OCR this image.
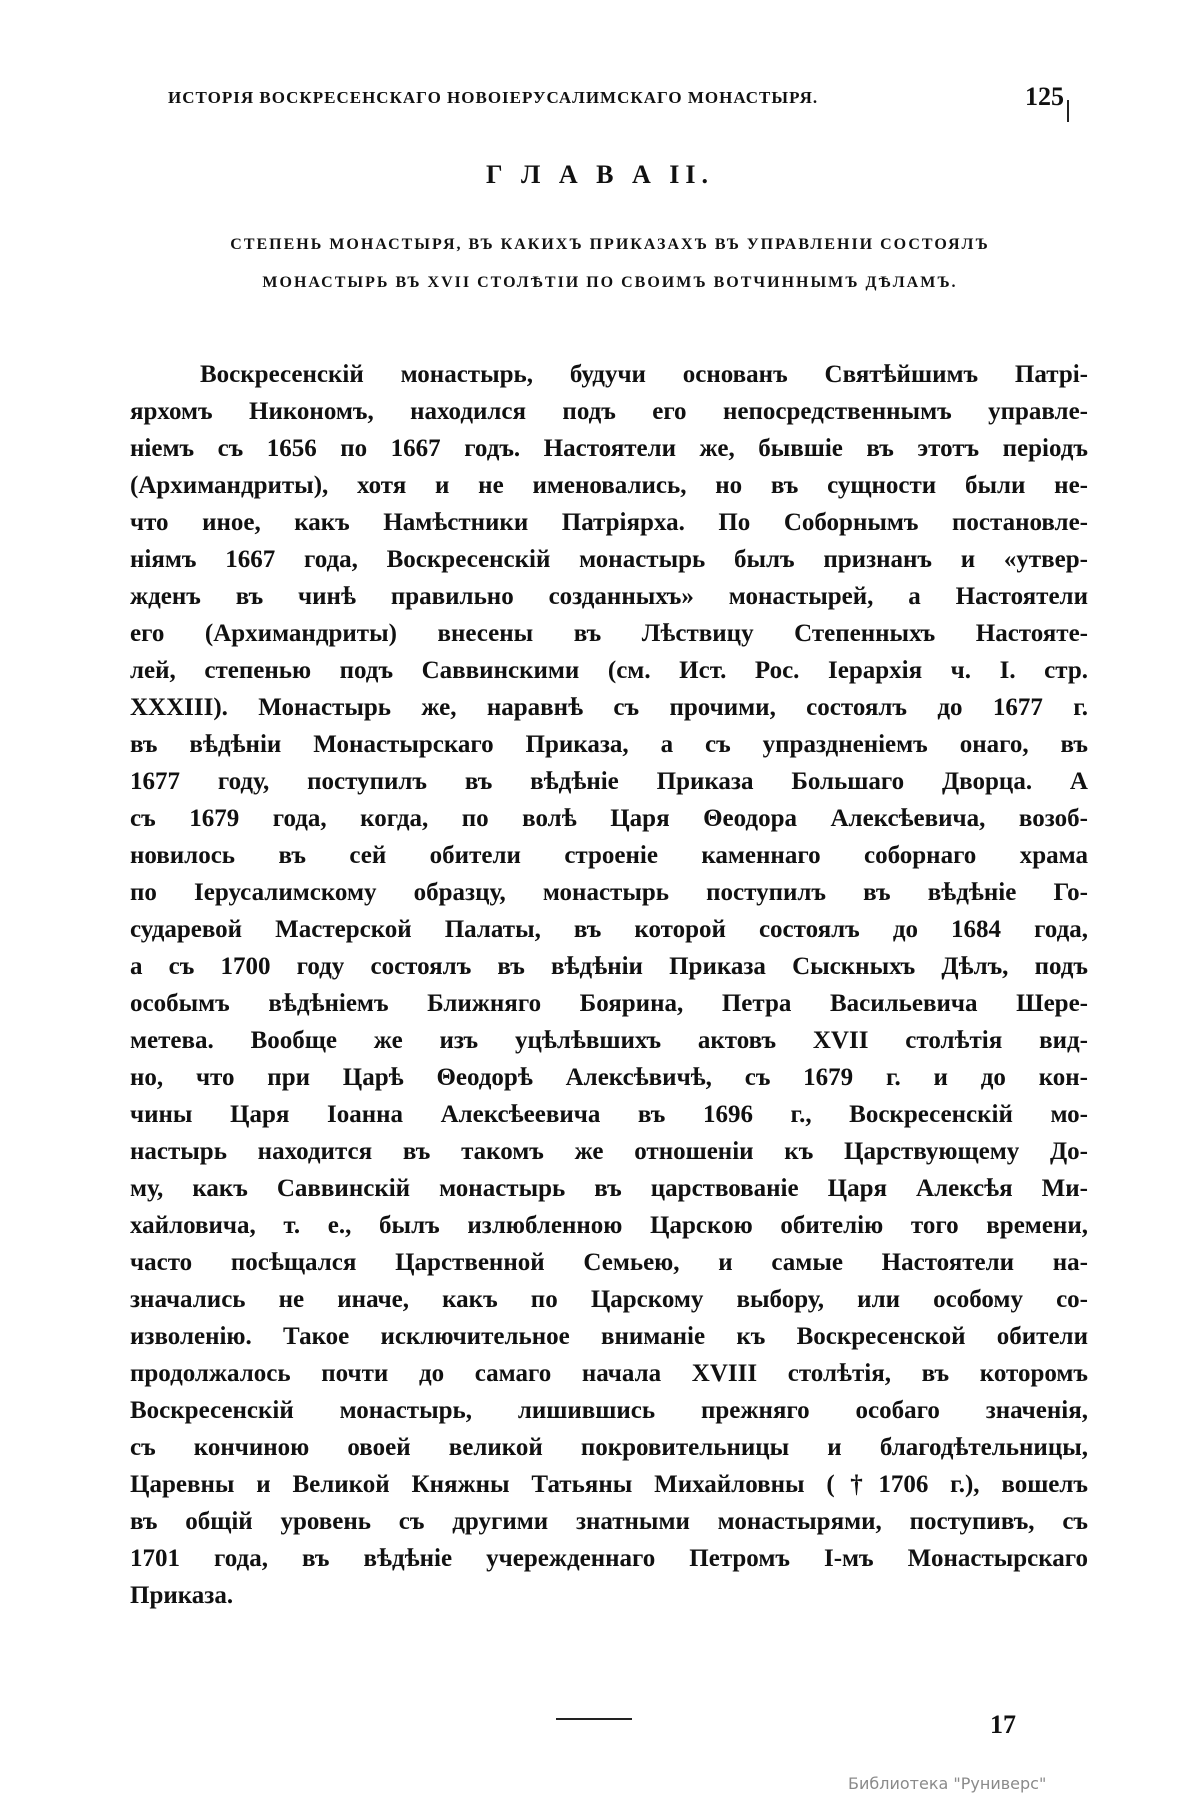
ИСТОРІЯ ВОСКРЕСЕНСКАГО НОВОІЕРУСАЛИМСКАГО МОНАСТЫРЯ.	125
Г Л А В А II.
СТЕПЕНЬ МОНАСТЫРЯ, ВЪ КАКИХЪ ПРИКАЗАХЪ ВЪ УПРАВЛЕНІИ СОСТОЯЛЪ
МОНАСТЫРЬ ВЪ XVII СТОЛѢТІИ ПО СВОИМЪ ВОТЧИННЫМЪ ДѢЛАМЪ.
Воскресенскій монастырь, будучи основанъ Святѣйшимъ Патрі-
ярхомъ Никономъ, находился подъ его непосредственнымъ управле-
ніемъ съ 1656 по 1667 годъ. Настоятели же, бывшіе въ этотъ періодъ
(Архимандриты), хотя и не именовались, но въ сущности были не-
что иное, какъ Намѣстники Патріярха. По Соборнымъ постановле-
ніямъ 1667 года, Воскресенскій монастырь былъ признанъ и «утвер-
жденъ въ чинѣ правильно созданныхъ» монастырей, а Настоятели
его (Архимандриты) внесены въ Лѣствицу Степенныхъ Настояте-
лей, степенью подъ Саввинскими (см. Ист. Рос. Іерархія ч. I. стр.
XXXIII). Монастырь же, наравнѣ съ прочими, состоялъ до 1677 г.
въ вѣдѣніи Монастырскаго Приказа, а съ упраздненіемъ онаго, въ
1677 году, поступилъ въ вѣдѣніе Приказа Большаго Дворца. А
съ 1679 года, когда, по волѣ Царя Θеодора Алексѣевича, возоб-
новилось въ сей обители строеніе каменнаго соборнаго храма
по Іерусалимскому образцу, монастырь поступилъ въ вѣдѣніе Го-
сударевой Мастерской Палаты, въ которой состоялъ до 1684 года,
а съ 1700 году состоялъ въ вѣдѣніи Приказа Сыскныхъ Дѣлъ, подъ
особымъ вѣдѣніемъ Ближняго Боярина, Петра Васильевича Шере-
метева. Вообще же изъ уцѣлѣвшихъ актовъ XVII столѣтія вид-
но, что при Царѣ Θеодорѣ Алексѣвичѣ, съ 1679 г. и до кон-
чины Царя Іоанна Алексѣеевича въ 1696 г., Воскресенскій мо-
настырь находится въ такомъ же отношеніи къ Царствующему До-
му, какъ Саввинскій монастырь въ царствованіе Царя Алексѣя Ми-
хайловича, т. е., былъ излюбленною Царскою обителію того времени,
часто посѣщался Царственной Семьею, и самые Настоятели на-
значались не иначе, какъ по Царскому выбору, или особому со-
изволенію. Такое исключительное вниманіе къ Воскресенской обители
продолжалось почти до самаго начала XVIII столѣтія, въ которомъ
Воскресенскій монастырь, лишившись прежняго особаго значенія,
съ кончиною овоей великой покровительницы и благодѣтельницы,
Царевны и Великой Княжны Татьяны Михайловны (†1706 г.), вошелъ
въ общій уровень съ другими знатными монастырями, поступивъ, съ
1701 года, въ вѣдѣніе учережденнаго Петромъ I-мъ Монастырскаго
Приказа.
17
Библиотека "Руниверс"
